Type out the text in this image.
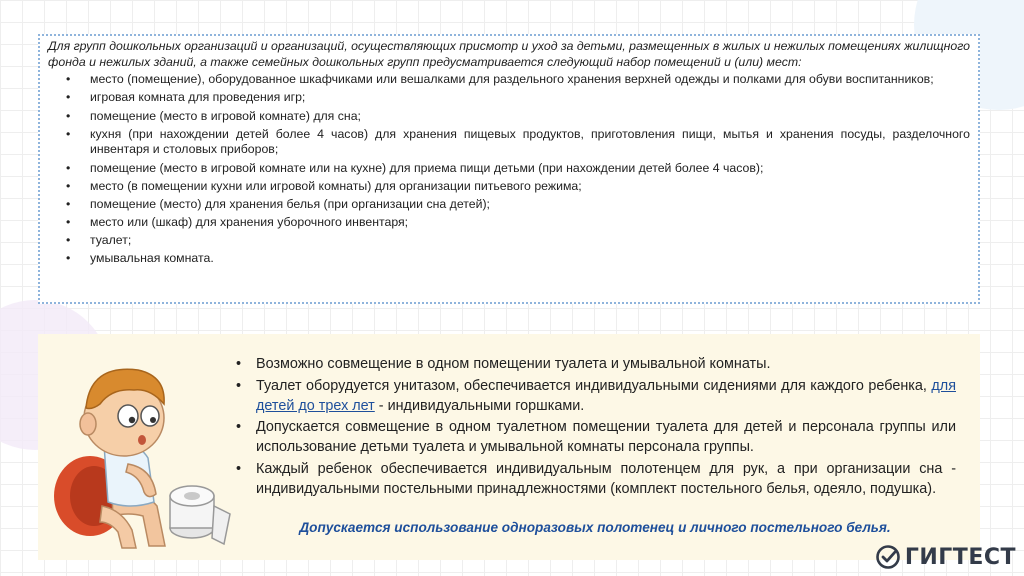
Для групп дошкольных организаций и организаций, осуществляющих присмотр и уход за детьми, размещенных в жилых и нежилых помещениях жилищного фонда и нежилых зданий, а также семейных дошкольных групп предусматривается следующий набор помещений и (или) мест:

• место (помещение), оборудованное шкафчиками или вешалками для раздельного хранения верхней одежды и полками для обуви воспитанников;
• игровая комната для проведения игр;
• помещение (место в игровой комнате) для сна;
• кухня (при нахождении детей более 4 часов) для хранения пищевых продуктов, приготовления пищи, мытья и хранения посуды, разделочного инвентаря и столовых приборов;
• помещение (место в игровой комнате или на кухне) для приема пищи детьми (при нахождении детей более 4 часов);
• место (в помещении кухни или игровой комнаты) для организации питьевого режима;
• помещение (место) для хранения белья (при организации сна детей);
• место или (шкаф) для хранения уборочного инвентаря;
• туалет;
• умывальная комната.
• Возможно совмещение в одном помещении туалета и умывальной комнаты.
• Туалет оборудуется унитазом, обеспечивается индивидуальными сидениями для каждого ребенка, для детей до трех лет - индивидуальными горшками.
• Допускается совмещение в одном туалетном помещении туалета для детей и персонала группы или использование детьми туалета и умывальной комнаты персонала группы.
• Каждый ребенок обеспечивается индивидуальным полотенцем для рук, а при организации сна - индивидуальными постельными принадлежностями (комплект постельного белья, одеяло, подушка).
Допускается использование одноразовых полотенец и личного постельного белья.
ГИГТЕСТ
